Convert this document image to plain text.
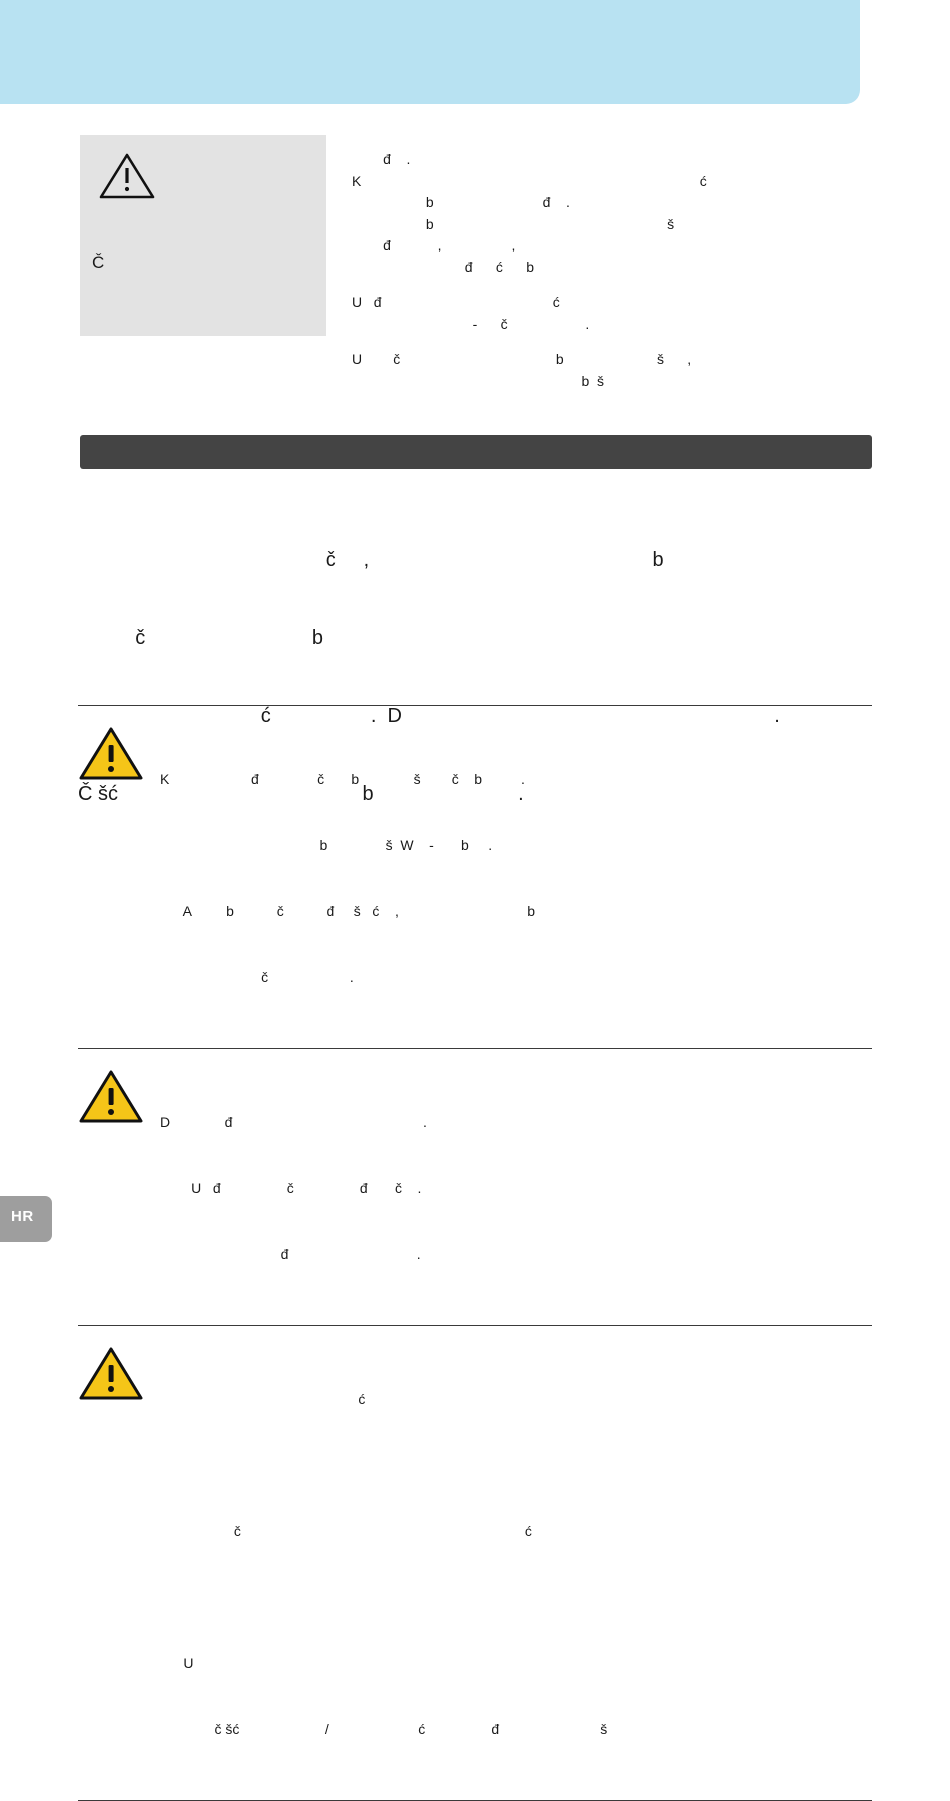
Č

đ    .

K                                                                                       ć

b                            đ    .

b                                                            š

đ            ,                  ,

đ      ć      b

U   đ                                            ć

-      č                    .

U        č                                        b                        š      ,

b  š

č     ,                                                   b

č                              b

ć                  .  D                                                                   .

Č šć                                            b                          .

K                     đ               č       b              š        č    b          .

b               š  W    -       b     .

A         b           č           đ     š   ć    ,                                 b

č                     .

D              đ                                                 .

U   đ                 č                 đ       č    .

đ                                 .

ć

č                                                                         ć

U

č šć                      /                       ć                 đ                          š

HR
